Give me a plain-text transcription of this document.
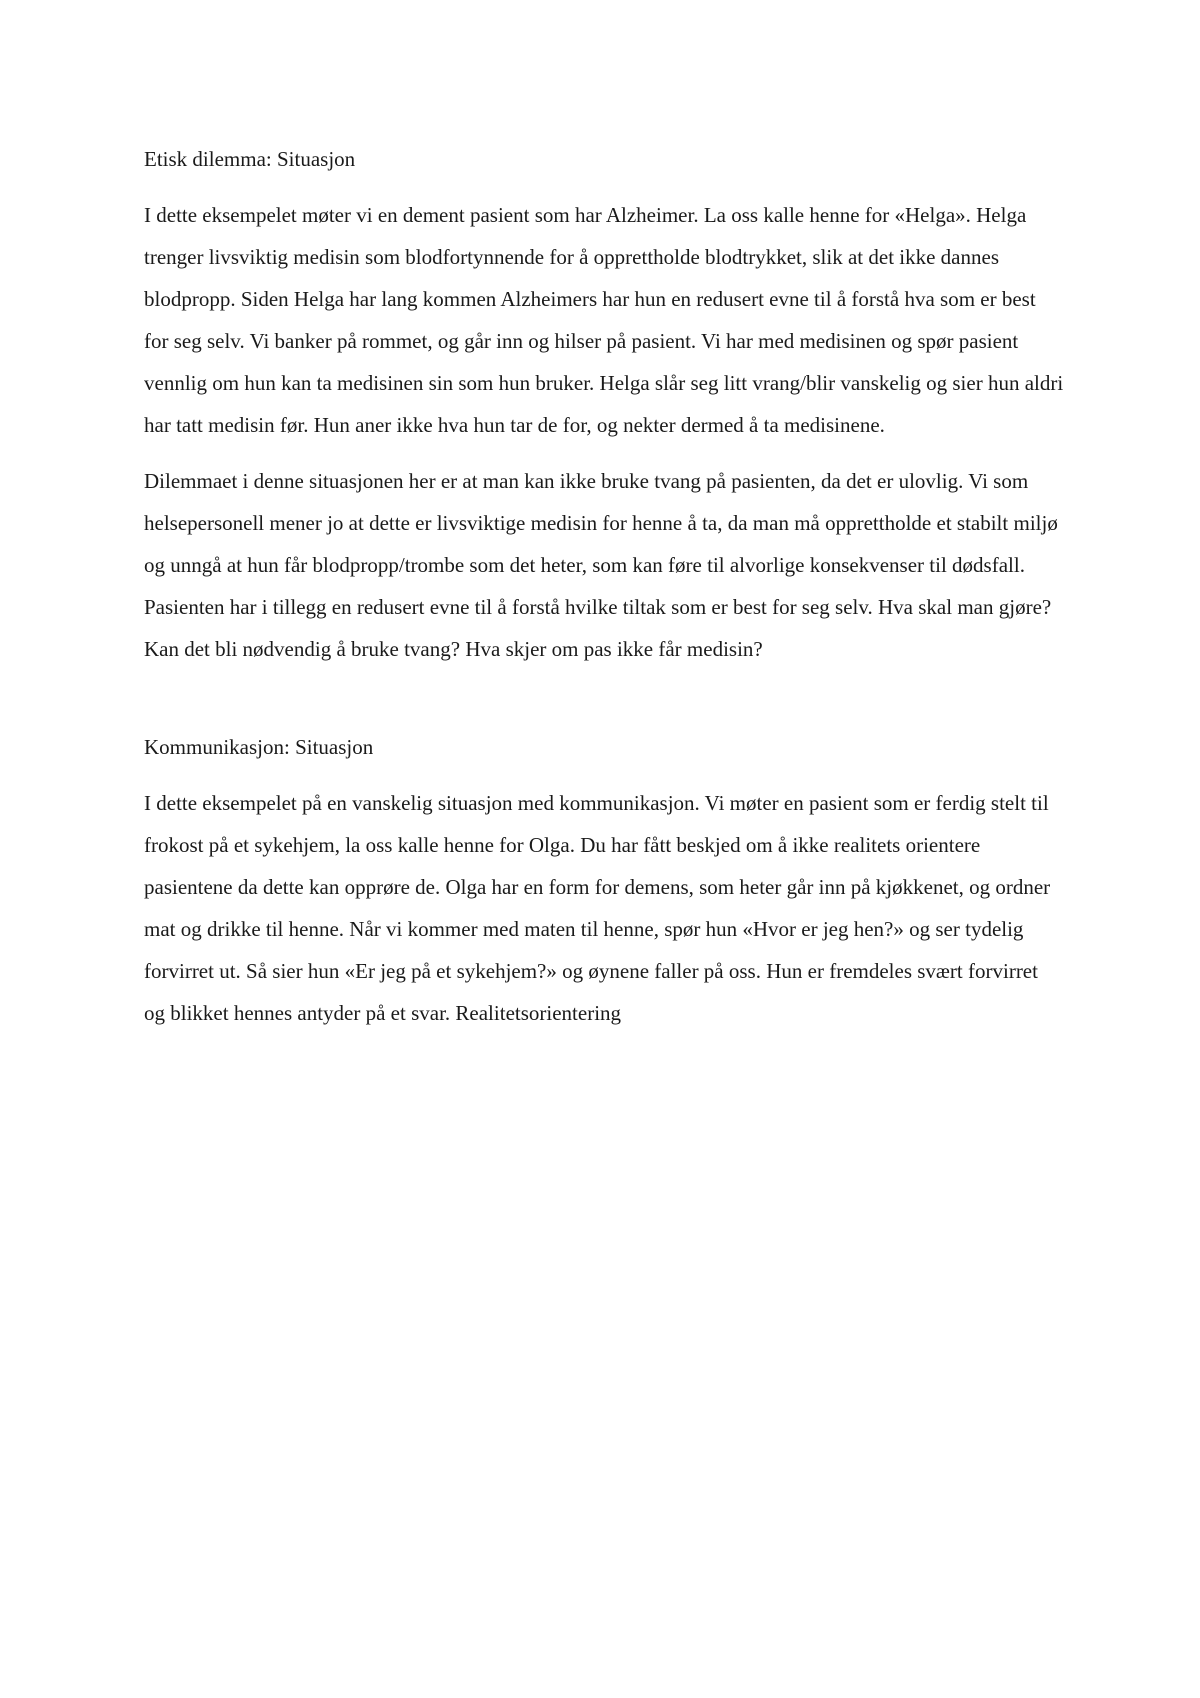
Etisk dilemma: Situasjon

I dette eksempelet møter vi en dement pasient som har Alzheimer. La oss kalle henne for «Helga». Helga trenger livsviktig medisin som blodfortynnende for å opprettholde blodtrykket, slik at det ikke dannes blodpropp. Siden Helga har lang kommen Alzheimers har hun en redusert evne til å forstå hva som er best for seg selv. Vi banker på rommet, og går inn og hilser på pasient. Vi har med medisinen og spør pasient vennlig om hun kan ta medisinen sin som hun bruker. Helga slår seg litt vrang/blir vanskelig og sier hun aldri har tatt medisin før. Hun aner ikke hva hun tar de for, og nekter dermed å ta medisinene.

Dilemmaet i denne situasjonen her er at man kan ikke bruke tvang på pasienten, da det er ulovlig. Vi som helsepersonell mener jo at dette er livsviktige medisin for henne å ta, da man må opprettholde et stabilt miljø og unngå at hun får blodpropp/trombe som det heter, som kan føre til alvorlige konsekvenser til dødsfall. Pasienten har i tillegg en redusert evne til å forstå hvilke tiltak som er best for seg selv. Hva skal man gjøre? Kan det bli nødvendig å bruke tvang? Hva skjer om pas ikke får medisin?

Kommunikasjon: Situasjon

I dette eksempelet på en vanskelig situasjon med kommunikasjon. Vi møter en pasient som er ferdig stelt til frokost på et sykehjem, la oss kalle henne for Olga. Du har fått beskjed om å ikke realitets orientere pasientene da dette kan opprøre de. Olga har en form for demens, som heter går inn på kjøkkenet, og ordner mat og drikke til henne. Når vi kommer med maten til henne, spør hun «Hvor er jeg hen?» og ser tydelig forvirret ut. Så sier hun «Er jeg på et sykehjem?» og øynene faller på oss. Hun er fremdeles svært forvirret og blikket hennes antyder på et svar. Realitetsorientering
